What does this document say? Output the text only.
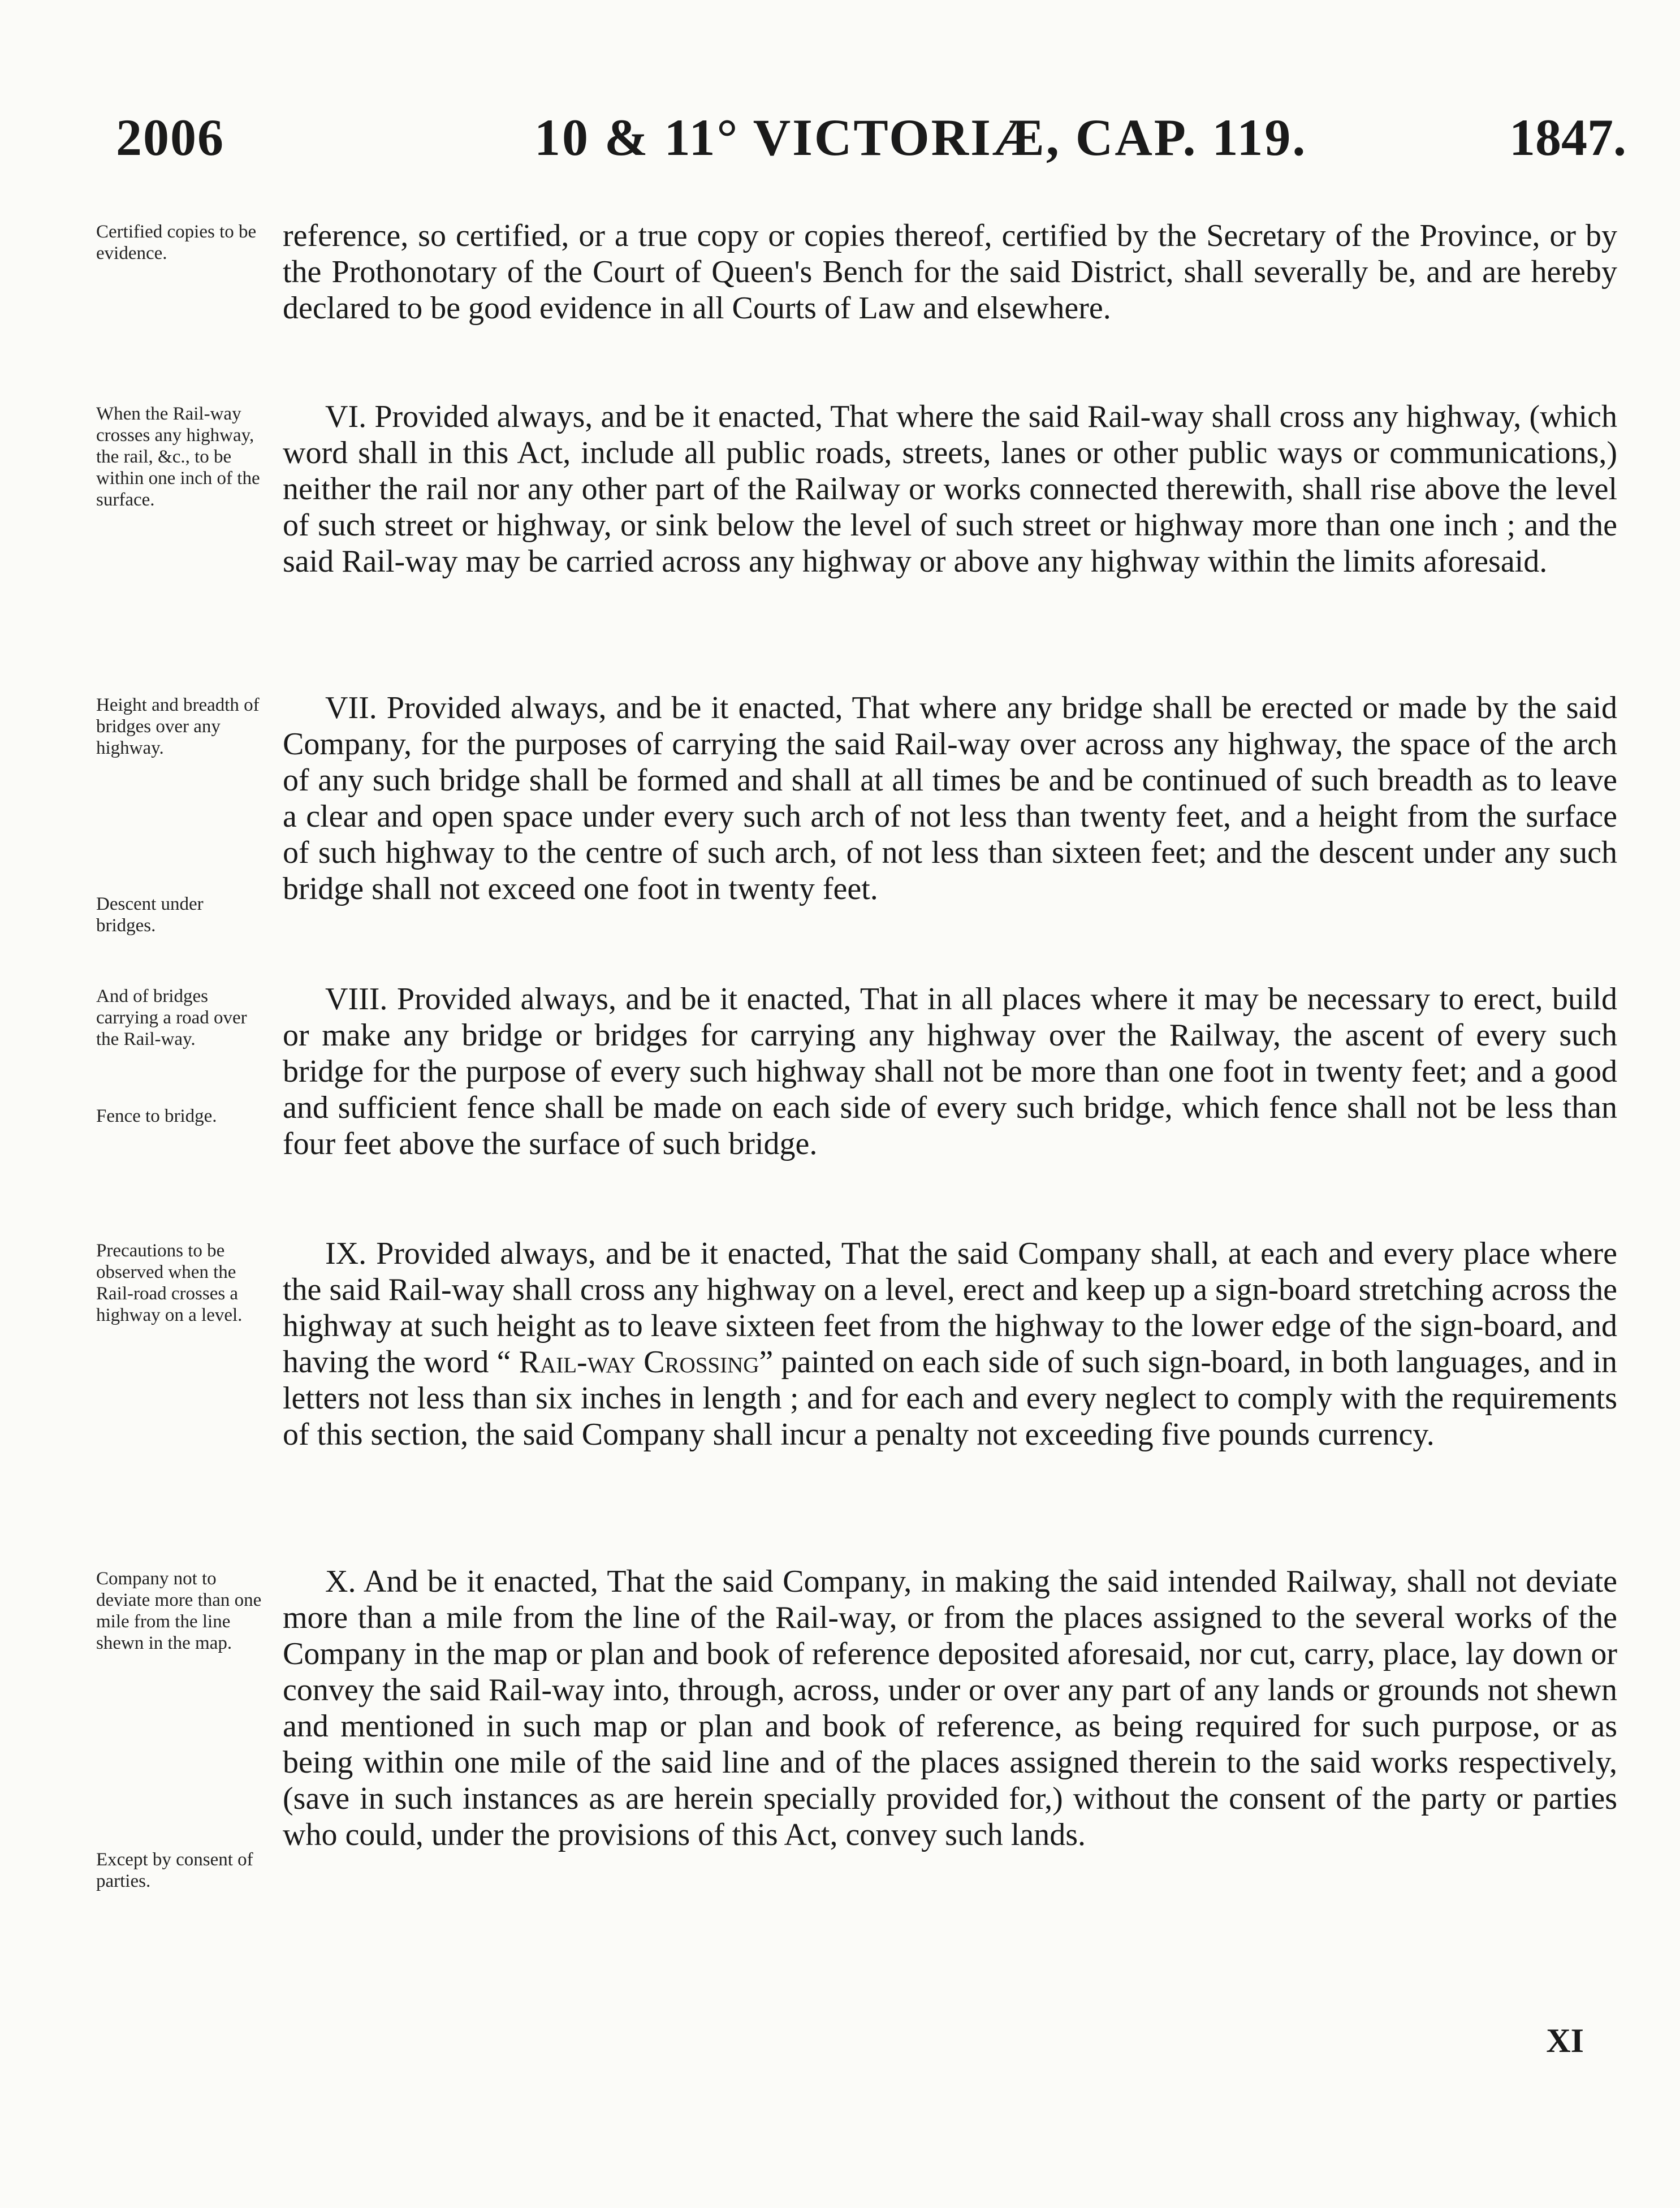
2006	10 & 11° VICTORIÆ, CAP. 119.	1847.
Certified copies to be evidence.	reference, so certified, or a true copy or copies thereof, certified by the Secretary of the Province, or by the Prothonotary of the Court of Queen's Bench for the said District, shall severally be, and are hereby declared to be good evidence in all Courts of Law and elsewhere.
When the Rail-way crosses any highway, the rail, &c., to be within one inch of the surface.
VI. Provided always, and be it enacted, That where the said Rail-way shall cross any highway, (which word shall in this Act, include all public roads, streets, lanes or other public ways or communications,) neither the rail nor any other part of the Railway or works connected therewith, shall rise above the level of such street or highway, or sink below the level of such street or highway more than one inch ; and the said Rail-way may be carried across any highway or above any highway within the limits aforesaid.
Height and breadth of bridges over any highway.
Descent under bridges.
VII. Provided always, and be it enacted, That where any bridge shall be erected or made by the said Company, for the purposes of carrying the said Rail-way over across any highway, the space of the arch of any such bridge shall be formed and shall at all times be and be continued of such breadth as to leave a clear and open space under every such arch of not less than twenty feet, and a height from the surface of such highway to the centre of such arch, of not less than sixteen feet; and the descent under any such bridge shall not exceed one foot in twenty feet.
And of bridges carrying a road over the Rail-way.
Fence to bridge.
VIII. Provided always, and be it enacted, That in all places where it may be necessary to erect, build or make any bridge or bridges for carrying any highway over the Railway, the ascent of every such bridge for the purpose of every such highway shall not be more than one foot in twenty feet; and a good and sufficient fence shall be made on each side of every such bridge, which fence shall not be less than four feet above the surface of such bridge.
Precautions to be observed when the Rail-road crosses a highway on a level.
IX. Provided always, and be it enacted, That the said Company shall, at each and every place where the said Rail-way shall cross any highway on a level, erect and keep up a sign-board stretching across the highway at such height as to leave sixteen feet from the highway to the lower edge of the sign-board, and having the word “ Rail-way Crossing” painted on each side of such sign-board, in both languages, and in letters not less than six inches in length ; and for each and every neglect to comply with the requirements of this section, the said Company shall incur a penalty not exceeding five pounds currency.
Company not to deviate more than one mile from the line shewn in the map.
Except by consent of parties.
X. And be it enacted, That the said Company, in making the said intended Railway, shall not deviate more than a mile from the line of the Rail-way, or from the places assigned to the several works of the Company in the map or plan and book of reference deposited aforesaid, nor cut, carry, place, lay down or convey the said Rail-way into, through, across, under or over any part of any lands or grounds not shewn and mentioned in such map or plan and book of reference, as being required for such purpose, or as being within one mile of the said line and of the places assigned therein to the said works respectively, (save in such instances as are herein specially provided for,) without the consent of the party or parties who could, under the provisions of this Act, convey such lands.
XI
